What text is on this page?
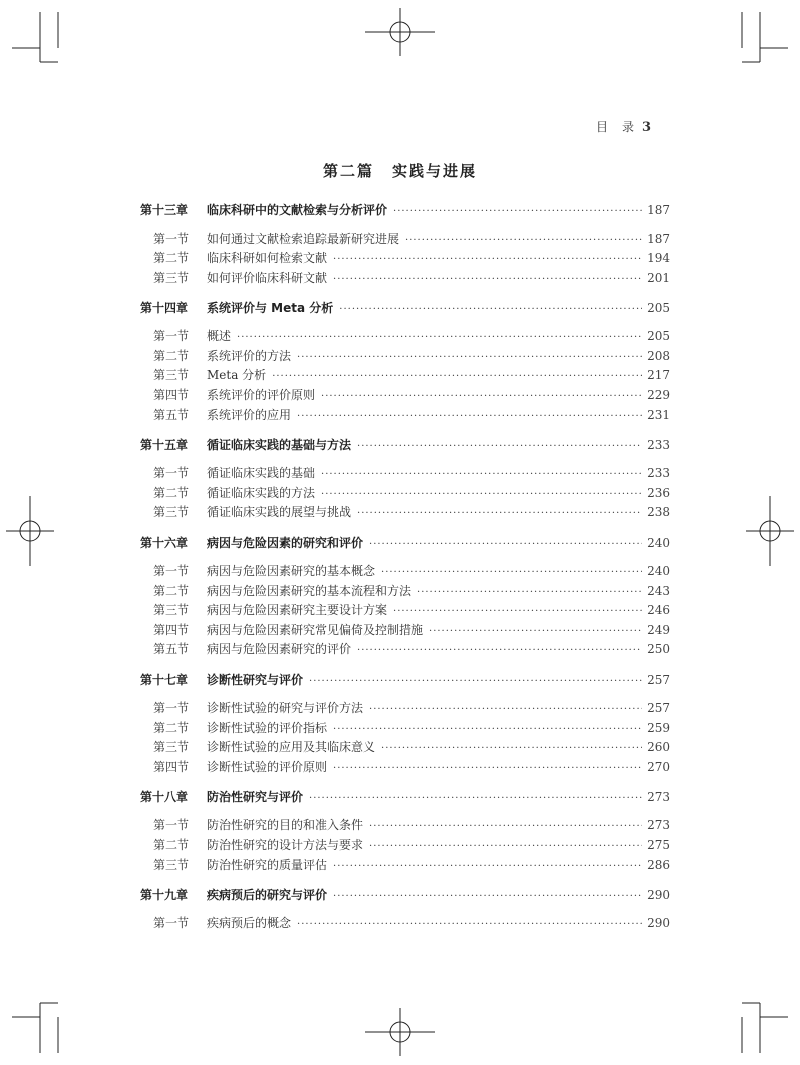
目 录 3
第二篇 实践与进展
第十三章	临床科研中的文献检索与分析评价 ·····	187
第一节	如何通过文献检索追踪最新研究进展 ·····	187
第二节	临床科研如何检索文献 ·····	194
第三节	如何评价临床科研文献 ·····	201
第十四章	系统评价与 Meta 分析 ·····	205
第一节	概述 ·····	205
第二节	系统评价的方法 ·····	208
第三节	Meta 分析 ·····	217
第四节	系统评价的评价原则 ·····	229
第五节	系统评价的应用 ·····	231
第十五章	循证临床实践的基础与方法 ·····	233
第一节	循证临床实践的基础 ·····	233
第二节	循证临床实践的方法 ·····	236
第三节	循证临床实践的展望与挑战 ·····	238
第十六章	病因与危险因素的研究和评价 ·····	240
第一节	病因与危险因素研究的基本概念 ·····	240
第二节	病因与危险因素研究的基本流程和方法 ·····	243
第三节	病因与危险因素研究主要设计方案 ·····	246
第四节	病因与危险因素研究常见偏倚及控制措施 ·····	249
第五节	病因与危险因素研究的评价 ·····	250
第十七章	诊断性研究与评价 ·····	257
第一节	诊断性试验的研究与评价方法 ·····	257
第二节	诊断性试验的评价指标 ·····	259
第三节	诊断性试验的应用及其临床意义 ·····	260
第四节	诊断性试验的评价原则 ·····	270
第十八章	防治性研究与评价 ·····	273
第一节	防治性研究的目的和准入条件 ·····	273
第二节	防治性研究的设计方法与要求 ·····	275
第三节	防治性研究的质量评估 ·····	286
第十九章	疾病预后的研究与评价 ·····	290
第一节	疾病预后的概念 ·····	290
